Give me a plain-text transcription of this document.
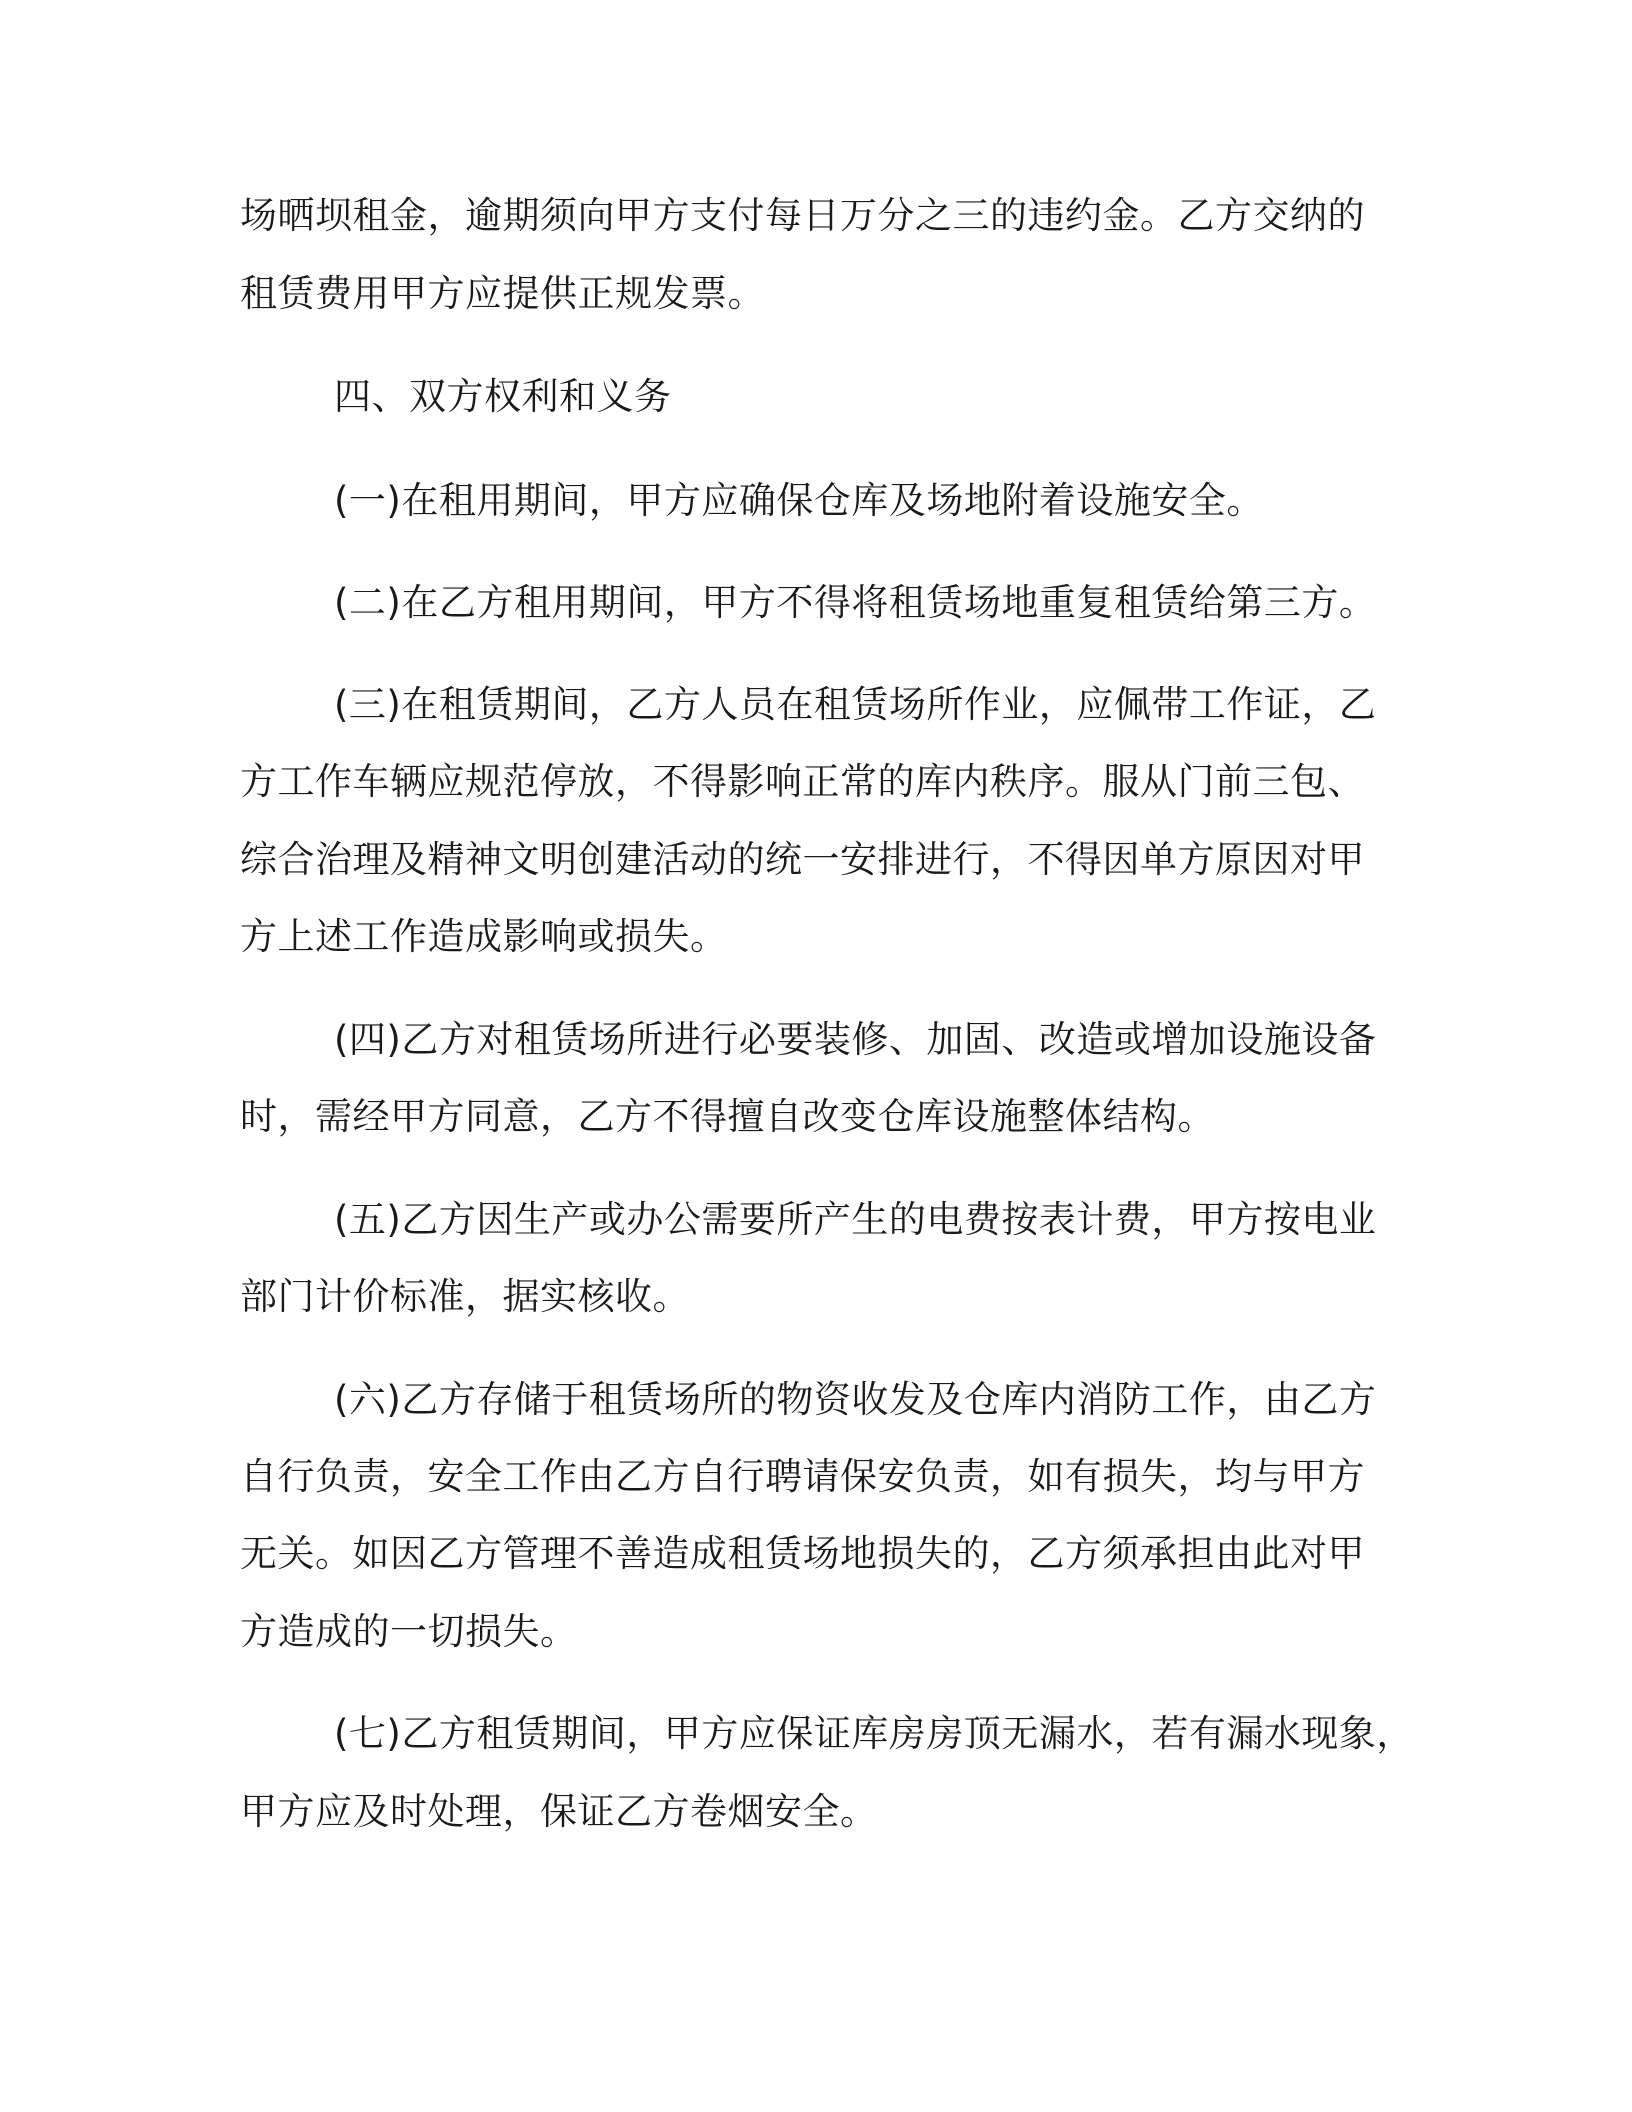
场晒坝租金，逾期须向甲方支付每日万分之三的违约金。乙方交纳的
租赁费用甲方应提供正规发票。
四、双方权利和义务
(一)在租用期间，甲方应确保仓库及场地附着设施安全。
(二)在乙方租用期间，甲方不得将租赁场地重复租赁给第三方。
(三)在租赁期间，乙方人员在租赁场所作业，应佩带工作证，乙
方工作车辆应规范停放，不得影响正常的库内秩序。服从门前三包、
综合治理及精神文明创建活动的统一安排进行，不得因单方原因对甲
方上述工作造成影响或损失。
(四)乙方对租赁场所进行必要装修、加固、改造或增加设施设备
时，需经甲方同意，乙方不得擅自改变仓库设施整体结构。
(五)乙方因生产或办公需要所产生的电费按表计费，甲方按电业
部门计价标准，据实核收。
(六)乙方存储于租赁场所的物资收发及仓库内消防工作，由乙方
自行负责，安全工作由乙方自行聘请保安负责，如有损失，均与甲方
无关。如因乙方管理不善造成租赁场地损失的，乙方须承担由此对甲
方造成的一切损失。
(七)乙方租赁期间，甲方应保证库房房顶无漏水，若有漏水现象，
甲方应及时处理，保证乙方卷烟安全。
